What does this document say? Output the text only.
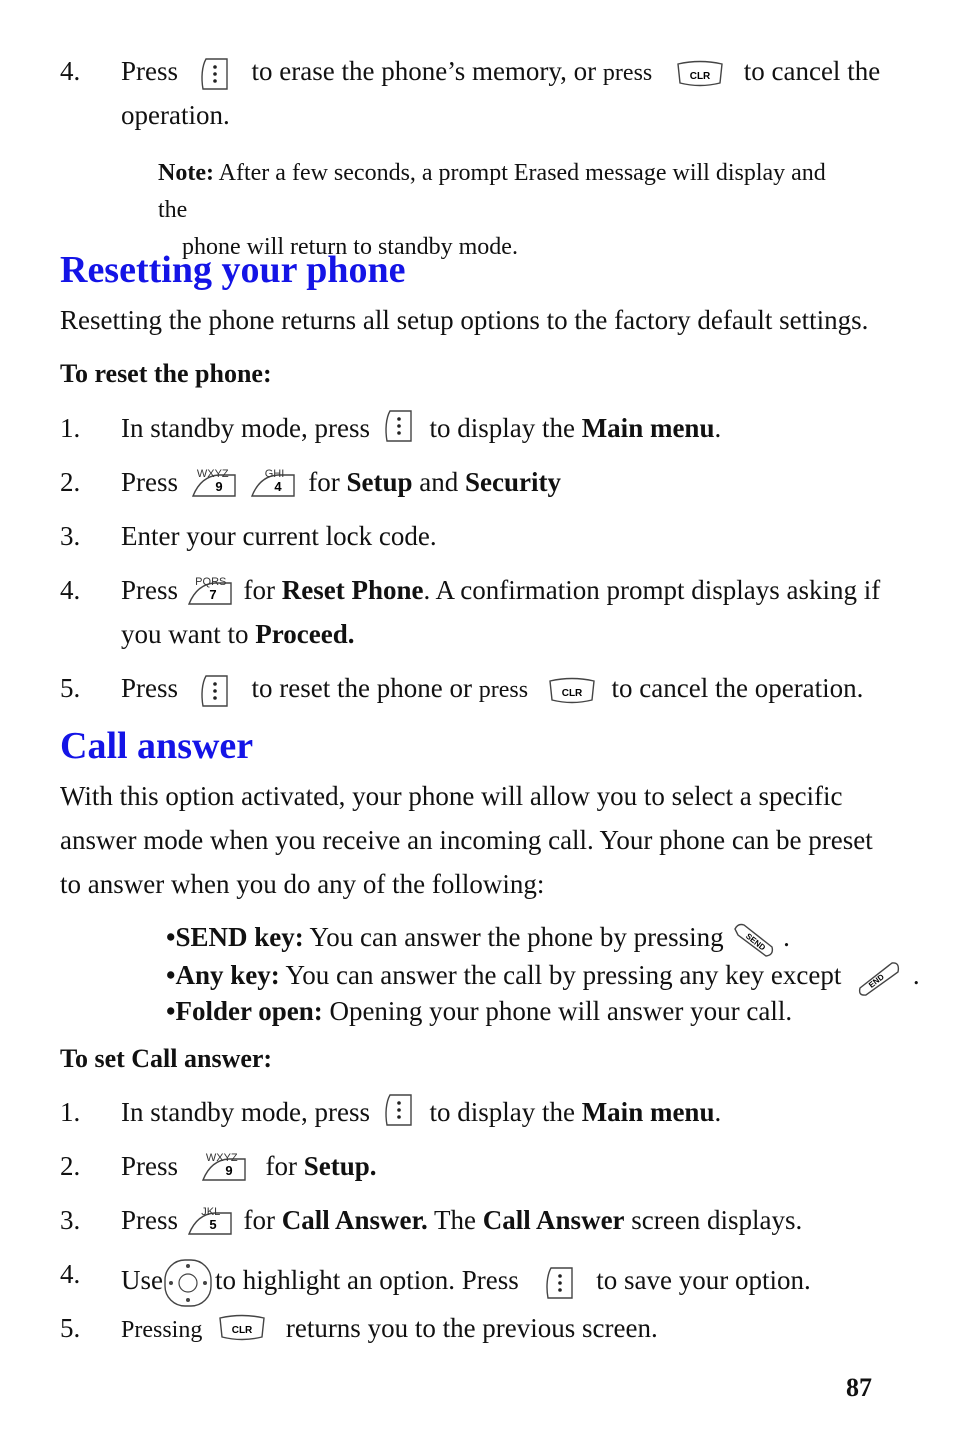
4. Press	to erase the phone’s memory, or press	CLR to cancel the
operation.
Note: After a few seconds, a prompt Erased message will display and the
phone will return to standby mode.
Resetting your phone
Resetting the phone returns all setup options to the factory default settings.
To reset the phone:
1. In standby mode, press to display the Main menu.
2. Press	WXYZ
9

GHI
4 for Setup and Security
3. Enter your current lock code.
4. Press	PQRS
7 for Reset Phone. A confirmation prompt displays asking if
you want to Proceed.
5. Press	to reset the phone or press	CLR to cancel the operation.
Call answer
With this option activated, your phone will allow you to select a specific answer mode when you receive an incoming call. Your phone can be preset to answer when you do any of the following:
•SEND key: You can answer the phone by pressing	SEND .
•Any key: You can answer the call by pressing any key except	END .
•Folder open: Opening your phone will answer your call.
To set Call answer:
1. In standby mode, press to display the Main menu.
2. Press	WXYZ
9 for Setup.
3. Press	JKL
5 for Call Answer. The Call Answer screen displays.
4. Use to highlight an option. Press	to save your option.
5. Pressing	CLR returns you to the previous screen.
87
